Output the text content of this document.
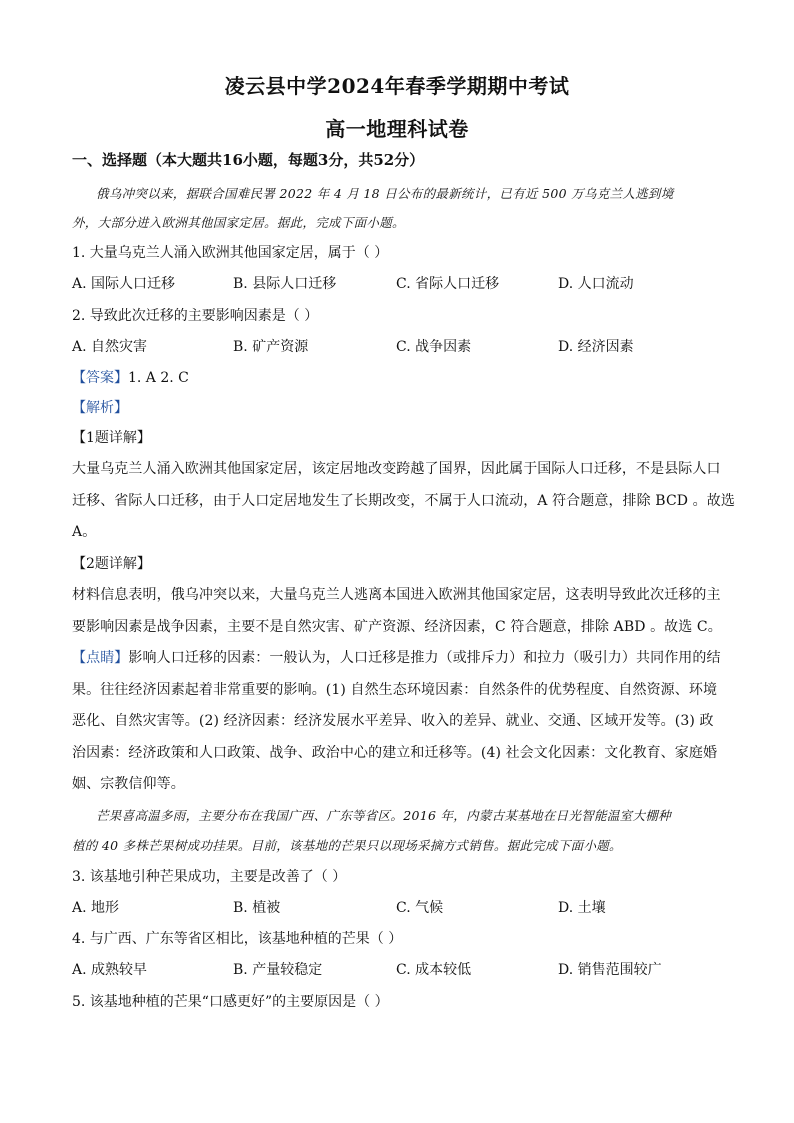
凌云县中学2024年春季学期期中考试
高一地理科试卷
一、选择题（本大题共16小题，每题3分，共52分）
俄乌冲突以来，据联合国难民署 2022 年 4 月 18 日公布的最新统计，已有近 500 万乌克兰人逃到境
外，大部分进入欧洲其他国家定居。据此，完成下面小题。
1. 大量乌克兰人涌入欧洲其他国家定居，属于（ ）
A. 国际人口迁移	B. 县际人口迁移	C. 省际人口迁移	D. 人口流动
2. 导致此次迁移的主要影响因素是（ ）
A. 自然灾害	B. 矿产资源	C. 战争因素	D. 经济因素
【答案】1. A 2. C
【解析】
【1题详解】
大量乌克兰人涌入欧洲其他国家定居，该定居地改变跨越了国界，因此属于国际人口迁移，不是县际人口
迁移、省际人口迁移，由于人口定居地发生了长期改变，不属于人口流动，A 符合题意，排除 BCD 。故选
A。
【2题详解】
材料信息表明，俄乌冲突以来，大量乌克兰人逃离本国进入欧洲其他国家定居，这表明导致此次迁移的主
要影响因素是战争因素，主要不是自然灾害、矿产资源、经济因素，C 符合题意，排除 ABD 。故选 C。
【点睛】影响人口迁移的因素：一般认为，人口迁移是推力（或排斥力）和拉力（吸引力）共同作用的结
果。往往经济因素起着非常重要的影响。(1) 自然生态环境因素：自然条件的优势程度、自然资源、环境
恶化、自然灾害等。(2) 经济因素：经济发展水平差异、收入的差异、就业、交通、区域开发等。(3) 政
治因素：经济政策和人口政策、战争、政治中心的建立和迁移等。(4) 社会文化因素：文化教育、家庭婚
姻、宗教信仰等。
芒果喜高温多雨，主要分布在我国广西、广东等省区。2016 年，内蒙古某基地在日光智能温室大棚种
植的 40 多株芒果树成功挂果。目前，该基地的芒果只以现场采摘方式销售。据此完成下面小题。
3. 该基地引种芒果成功，主要是改善了（ ）
A. 地形	B. 植被	C. 气候	D. 土壤
4. 与广西、广东等省区相比，该基地种植的芒果（ ）
A. 成熟较早	B. 产量较稳定	C. 成本较低	D. 销售范围较广
5. 该基地种植的芒果“口感更好”的主要原因是（ ）
